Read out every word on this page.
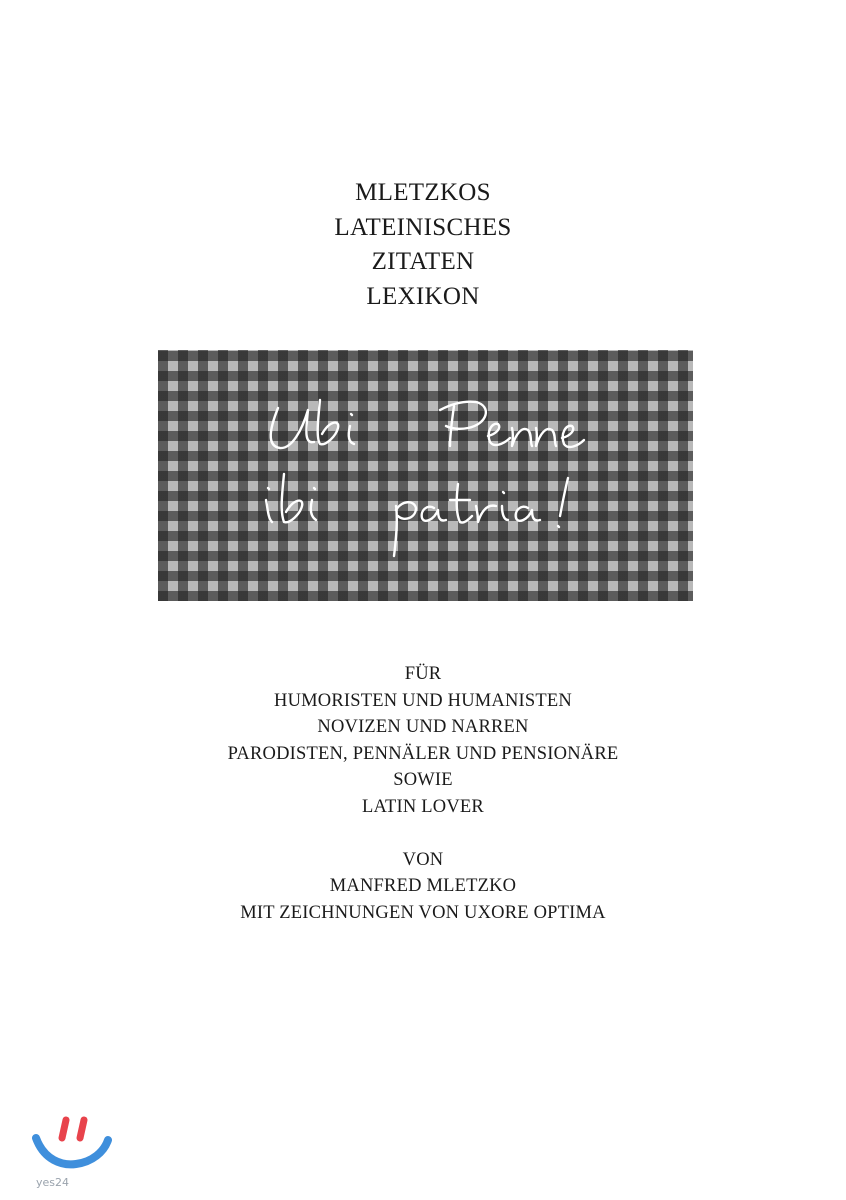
MLETZKOS
LATEINISCHES
ZITATEN
LEXIKON
FÜR
HUMORISTEN UND HUMANISTEN
NOVIZEN UND NARREN
PARODISTEN, PENNÄLER UND PENSIONÄRE
SOWIE
LATIN LOVER
VON
MANFRED MLETZKO
MIT ZEICHNUNGEN VON UXORE OPTIMA
yes24
